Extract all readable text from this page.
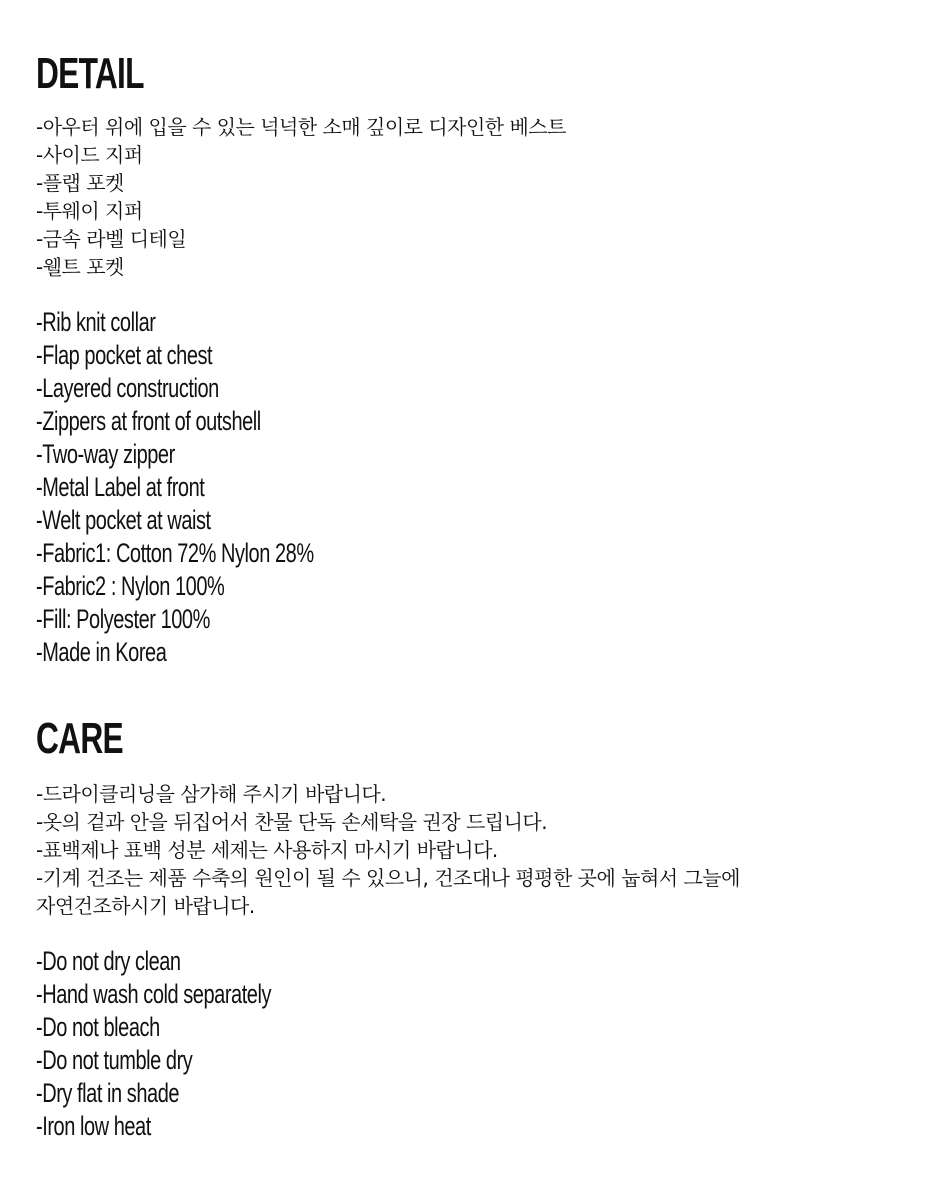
DETAIL
-아우터 위에 입을 수 있는 넉넉한 소매 깊이로 디자인한 베스트
-사이드 지퍼
-플랩 포켓
-투웨이 지퍼
-금속 라벨 디테일
-웰트 포켓
-Rib knit collar
-Flap pocket at chest
-Layered construction
-Zippers at front of outshell
-Two-way zipper
-Metal Label at front
-Welt pocket at waist
-Fabric1: Cotton 72% Nylon 28%
-Fabric2 : Nylon 100%
-Fill: Polyester 100%
-Made in Korea
CARE
-드라이클리닝을 삼가해 주시기 바랍니다.
-옷의 겉과 안을 뒤집어서 찬물 단독 손세탁을 권장 드립니다.
-표백제나 표백 성분 세제는 사용하지 마시기 바랍니다.
-기계 건조는 제품 수축의 원인이 될 수 있으니, 건조대나 평평한 곳에 눕혀서 그늘에
자연건조하시기 바랍니다.
-Do not dry clean
-Hand wash cold separately
-Do not bleach
-Do not tumble dry
-Dry flat in shade
-Iron low heat
